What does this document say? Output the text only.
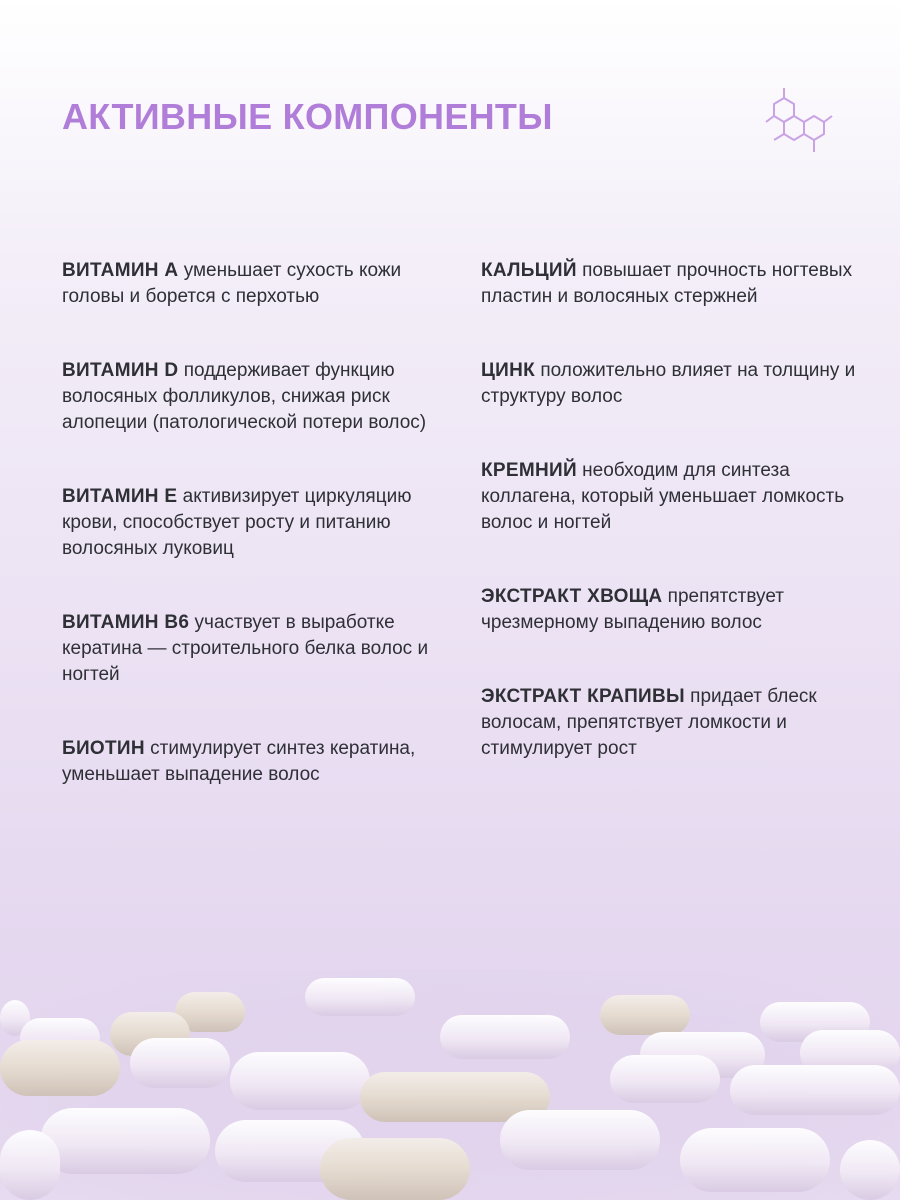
АКТИВНЫЕ КОМПОНЕНТЫ

ВИТАМИН А уменьшает сухость кожи головы и борется с перхотью

ВИТАМИН D поддерживает функцию волосяных фолликулов, снижая риск алопеции (патологической потери волос)

ВИТАМИН Е активизирует циркуляцию крови, способствует росту и питанию волосяных луковиц

ВИТАМИН В6 участвует в выработке кератина — строительного белка волос и ногтей

БИОТИН стимулирует синтез кератина, уменьшает выпадение волос

КАЛЬЦИЙ повышает прочность ногтевых пластин и волосяных стержней

ЦИНК положительно влияет на толщину и структуру волос

КРЕМНИЙ необходим для синтеза коллагена, который уменьшает ломкость волос и ногтей

ЭКСТРАКТ ХВОЩА препятствует чрезмерному выпадению волос

ЭКСТРАКТ КРАПИВЫ придает блеск волосам, препятствует ломкости и стимулирует рост
